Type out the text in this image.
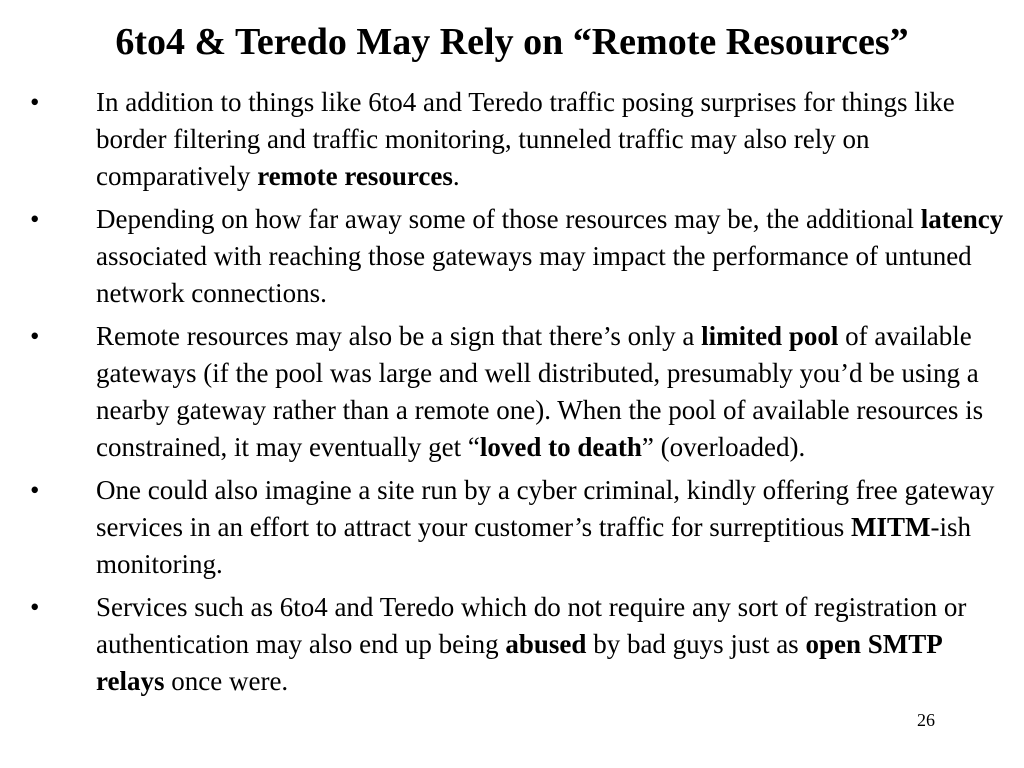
6to4 & Teredo May Rely on “Remote Resources”
• In addition to things like 6to4 and Teredo traffic posing surprises for things like border filtering and traffic monitoring, tunneled traffic may also rely on comparatively remote resources.
• Depending on how far away some of those resources may be, the additional latency associated with reaching those gateways may impact the performance of untuned network connections.
• Remote resources may also be a sign that there’s only a limited pool of available gateways (if the pool was large and well distributed, presumably you’d be using a nearby gateway rather than a remote one). When the pool of available resources is constrained, it may eventually get “loved to death” (overloaded).
• One could also imagine a site run by a cyber criminal, kindly offering free gateway services in an effort to attract your customer’s traffic for surreptitious MITM-ish monitoring.
• Services such as 6to4 and Teredo which do not require any sort of registration or authentication may also end up being abused by bad guys just as open SMTP relays once were.
26
